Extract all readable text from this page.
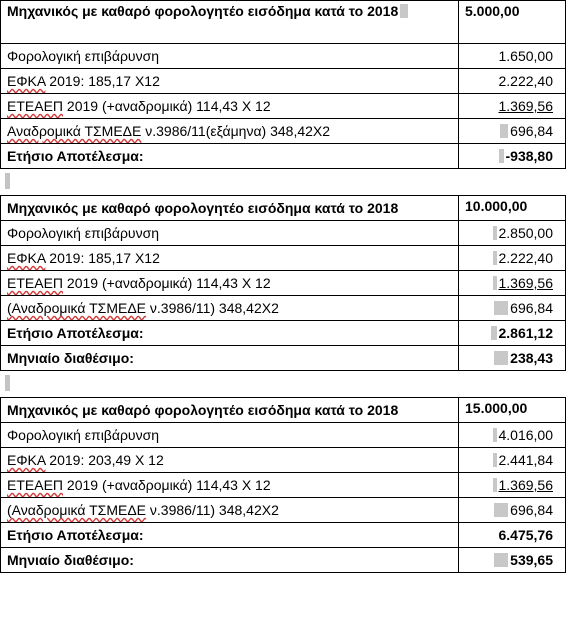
Μηχανικός με καθαρό φορολογητέο εισόδημα κατά το 2018	5.000,00
Φορολογική επιβάρυνση	1.650,00
ΕΦΚΑ 2019: 185,17 Χ12	2.222,40
ΕΤΕΑΕΠ 2019 (+αναδρομικά) 114,43 Χ 12	1.369,56
Αναδρομικά ΤΣΜΕΔΕ ν.3986/11(εξάμηνα) 348,42Χ2	696,84
Ετήσιο Αποτέλεσμα:	-938,80
Μηχανικός με καθαρό φορολογητέο εισόδημα κατά το 2018	10.000,00
Φορολογική επιβάρυνση	2.850,00
ΕΦΚΑ 2019: 185,17 Χ12	2.222,40
ΕΤΕΑΕΠ 2019 (+αναδρομικά) 114,43 Χ 12	1.369,56
(Αναδρομικά ΤΣΜΕΔΕ ν.3986/11) 348,42Χ2	696,84
Ετήσιο Αποτέλεσμα:	2.861,12
Μηνιαίο διαθέσιμο:	238,43
Μηχανικός με καθαρό φορολογητέο εισόδημα κατά το 2018	15.000,00
Φορολογική επιβάρυνση	4.016,00
ΕΦΚΑ 2019: 203,49 Χ 12	2.441,84
ΕΤΕΑΕΠ 2019 (+αναδρομικά) 114,43 Χ 12	1.369,56
(Αναδρομικά ΤΣΜΕΔΕ ν.3986/11) 348,42Χ2	696,84
Ετήσιο Αποτέλεσμα:	6.475,76
Μηνιαίο διαθέσιμο:	539,65
